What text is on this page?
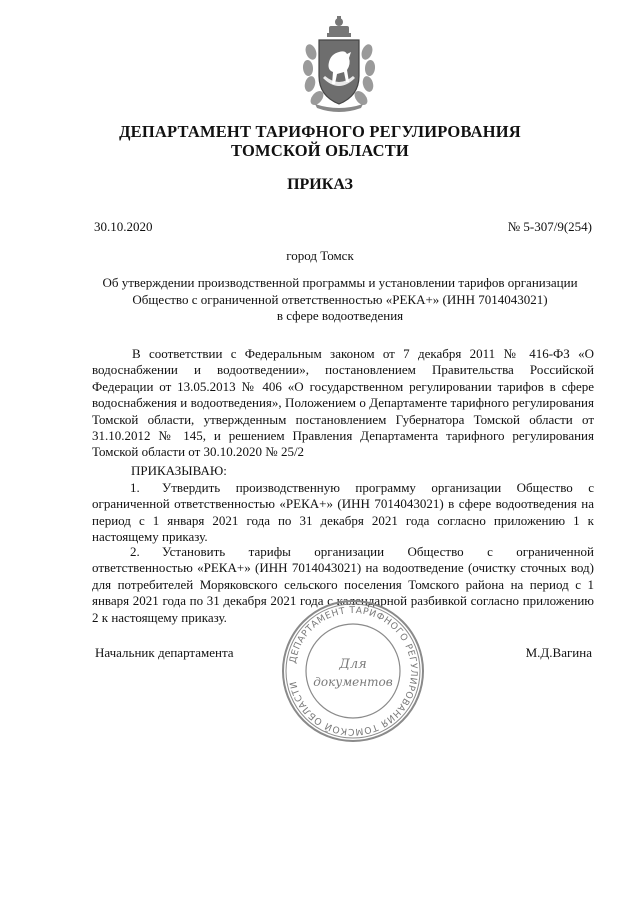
ДЕПАРТАМЕНТ ТАРИФНОГО РЕГУЛИРОВАНИЯ
ТОМСКОЙ ОБЛАСТИ
ПРИКАЗ
30.10.2020	№ 5-307/9(254)
город Томск
Об утверждении производственной программы и установлении тарифов организации
Общество с ограниченной ответственностью «РЕКА+» (ИНН 7014043021)
в сфере водоотведения
В соответствии с Федеральным законом от 7 декабря 2011 № 416-ФЗ «О водоснабжении и водоотведении», постановлением Правительства Российской Федерации от 13.05.2013 № 406 «О государственном регулировании тарифов в сфере водоснабжения и водоотведения», Положением о Департаменте тарифного регулирования Томской области, утвержденным постановлением Губернатора Томской области от 31.10.2012 № 145, и решением Правления Департамента тарифного регулирования Томской области от 30.10.2020 № 25/2
ПРИКАЗЫВАЮ:
1. Утвердить производственную программу организации Общество с ограниченной ответственностью «РЕКА+» (ИНН 7014043021) в сфере водоотведения на период с 1 января 2021 года по 31 декабря 2021 года согласно приложению 1 к настоящему приказу.
2. Установить тарифы организации Общество с ограниченной ответственностью «РЕКА+» (ИНН 7014043021) на водоотведение (очистку сточных вод) для потребителей Моряковского сельского поселения Томского района на период с 1 января 2021 года по 31 декабря 2021 года с календарной разбивкой согласно приложению 2 к настоящему приказу.
Начальник департамента	М.Д.Вагина
ДЕПАРТАМЕНТ ТАРИФНОГО РЕГУЛИРОВАНИЯ ТОМСКОЙ ОБЛАСТИ
Для
документов
